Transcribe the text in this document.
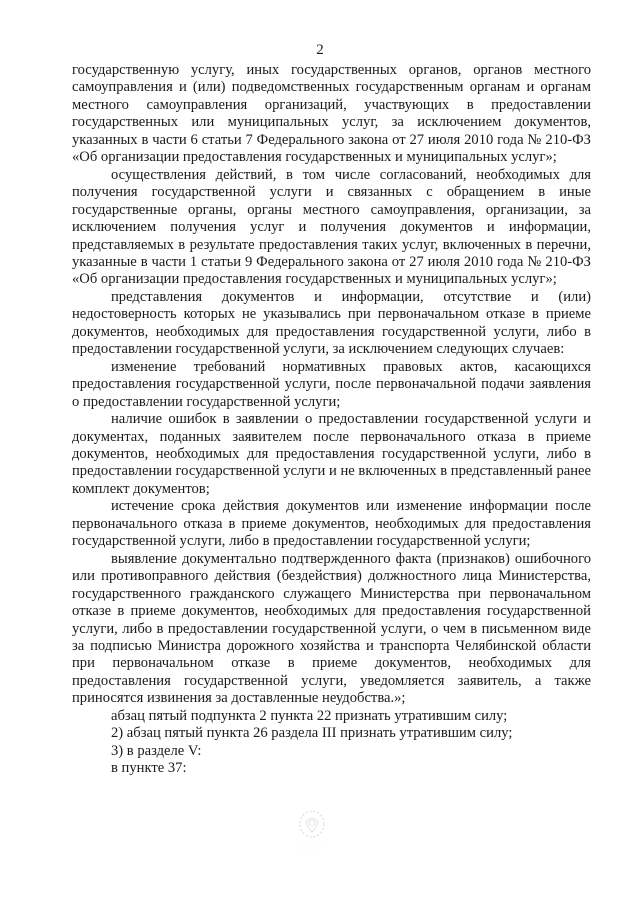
2

государственную услугу, иных государственных органов, органов местного самоуправления и (или) подведомственных государственным органам и органам местного самоуправления организаций, участвующих в предоставлении государственных или муниципальных услуг, за исключением документов, указанных в части 6 статьи 7 Федерального закона от 27 июля 2010 года № 210-ФЗ «Об организации предоставления государственных и муниципальных услуг»;

осуществления действий, в том числе согласований, необходимых для получения государственной услуги и связанных с обращением в иные государственные органы, органы местного самоуправления, организации, за исключением получения услуг и получения документов и информации, представляемых в результате предоставления таких услуг, включенных в перечни, указанные в части 1 статьи 9 Федерального закона от 27 июля 2010 года № 210-ФЗ «Об организации предоставления государственных и муниципальных услуг»;

представления документов и информации, отсутствие и (или) недостоверность которых не указывались при первоначальном отказе в приеме документов, необходимых для предоставления государственной услуги, либо в предоставлении государственной услуги, за исключением следующих случаев:

изменение требований нормативных правовых актов, касающихся предоставления государственной услуги, после первоначальной подачи заявления о предоставлении государственной услуги;

наличие ошибок в заявлении о предоставлении государственной услуги и документах, поданных заявителем после первоначального отказа в приеме документов, необходимых для предоставления государственной услуги, либо в предоставлении государственной услуги и не включенных в представленный ранее комплект документов;

истечение срока действия документов или изменение информации после первоначального отказа в приеме документов, необходимых для предоставления государственной услуги, либо в предоставлении государственной услуги;

выявление документально подтвержденного факта (признаков) ошибочного или противоправного действия (бездействия) должностного лица Министерства, государственного гражданского служащего Министерства при первоначальном отказе в приеме документов, необходимых для предоставления государственной услуги, либо в предоставлении государственной услуги, о чем в письменном виде за подписью Министра дорожного хозяйства и транспорта Челябинской области при первоначальном отказе в приеме документов, необходимых для предоставления государственной услуги, уведомляется заявитель, а также приносятся извинения за доставленные неудобства.»;

абзац пятый подпункта 2 пункта 22 признать утратившим силу;

2) абзац пятый пункта 26 раздела III признать утратившим силу;

3) в разделе V:

в пункте 37:
